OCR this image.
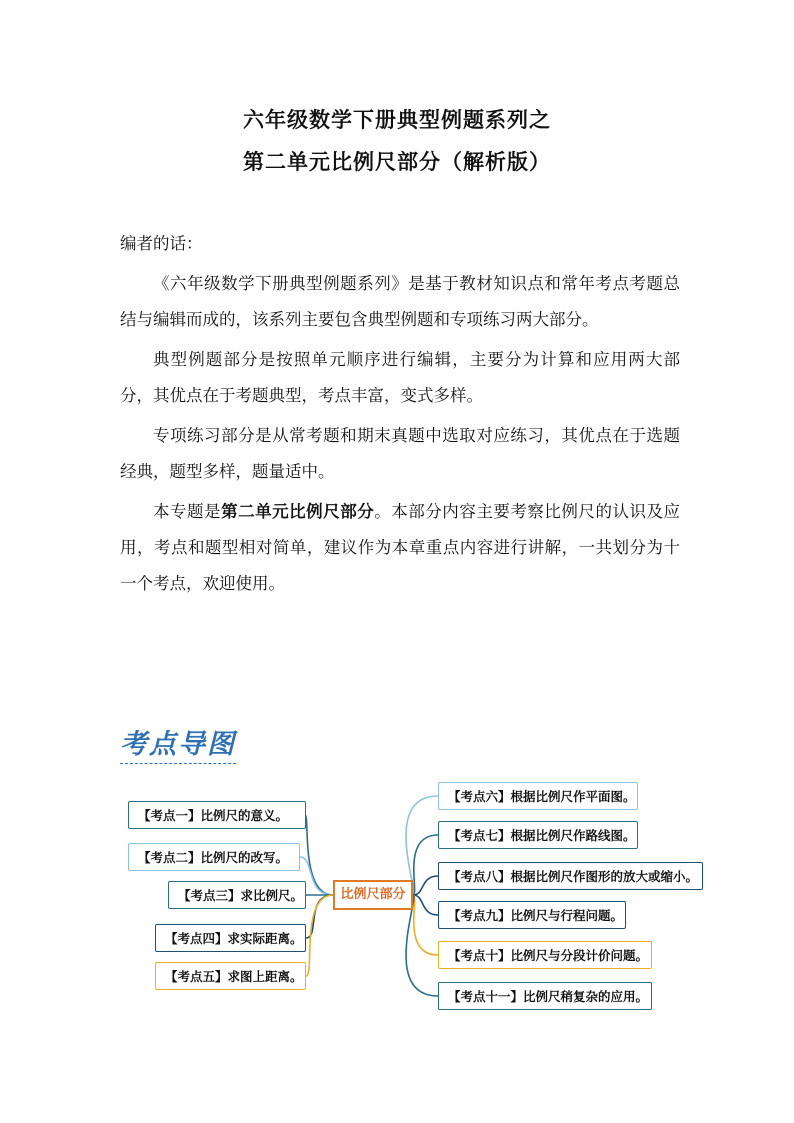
六年级数学下册典型例题系列之
第二单元比例尺部分（解析版）

编者的话：

《六年级数学下册典型例题系列》是基于教材知识点和常年考点考题总结与编辑而成的，该系列主要包含典型例题和专项练习两大部分。

典型例题部分是按照单元顺序进行编辑，主要分为计算和应用两大部分，其优点在于考题典型，考点丰富，变式多样。

专项练习部分是从常考题和期末真题中选取对应练习，其优点在于选题经典，题型多样，题量适中。

本专题是第二单元比例尺部分。本部分内容主要考察比例尺的认识及应用，考点和题型相对简单，建议作为本章重点内容进行讲解，一共划分为十一个考点，欢迎使用。

考点导图
比例尺部分
【考点一】比例尺的意义。
【考点二】比例尺的改写。
【考点三】求比例尺。
【考点四】求实际距离。
【考点五】求图上距离。
【考点六】根据比例尺作平面图。
【考点七】根据比例尺作路线图。
【考点八】根据比例尺作图形的放大或缩小。
【考点九】比例尺与行程问题。
【考点十】比例尺与分段计价问题。
【考点十一】比例尺稍复杂的应用。
